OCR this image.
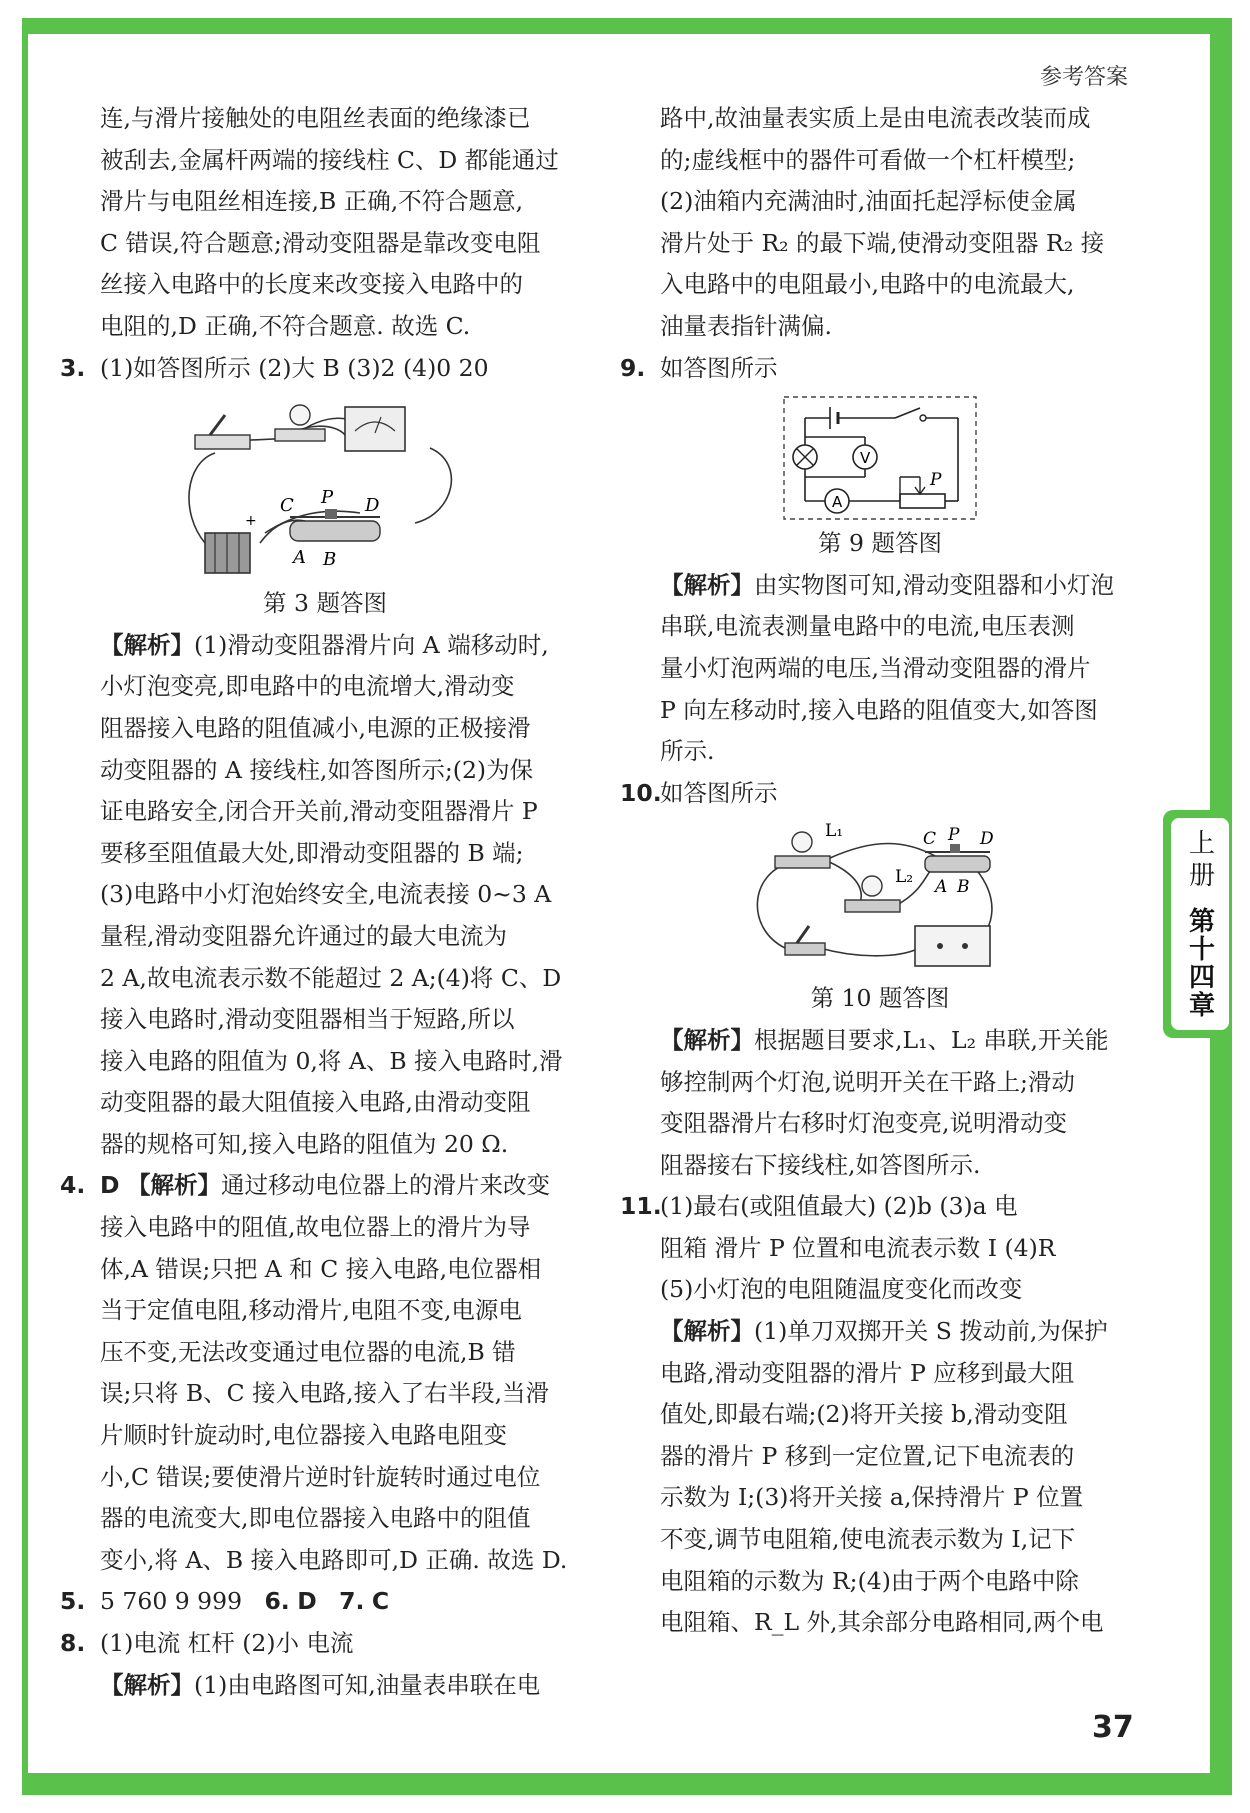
上册
第十四章
参考答案
37
连,与滑片接触处的电阻丝表面的绝缘漆已
被刮去,金属杆两端的接线柱 C、D 都能通过
滑片与电阻丝相连接,B 正确,不符合题意,
C 错误,符合题意;滑动变阻器是靠改变电阻
丝接入电路中的长度来改变接入电路中的
电阻的,D 正确,不符合题意. 故选 C.
3. (1)如答图所示 (2)大 B (3)2 (4)0 20
+
C P D
A B
第 3 题答图
【解析】(1)滑动变阻器滑片向 A 端移动时,
小灯泡变亮,即电路中的电流增大,滑动变
阻器接入电路的阻值减小,电源的正极接滑
动变阻器的 A 接线柱,如答图所示;(2)为保
证电路安全,闭合开关前,滑动变阻器滑片 P
要移至阻值最大处,即滑动变阻器的 B 端;
(3)电路中小灯泡始终安全,电流表接 0~3 A
量程,滑动变阻器允许通过的最大电流为
2 A,故电流表示数不能超过 2 A;(4)将 C、D
接入电路时,滑动变阻器相当于短路,所以
接入电路的阻值为 0,将 A、B 接入电路时,滑
动变阻器的最大阻值接入电路,由滑动变阻
器的规格可知,接入电路的阻值为 20 Ω.
4. D 【解析】通过移动电位器上的滑片来改变
接入电路中的阻值,故电位器上的滑片为导
体,A 错误;只把 A 和 C 接入电路,电位器相
当于定值电阻,移动滑片,电阻不变,电源电
压不变,无法改变通过电位器的电流,B 错
误;只将 B、C 接入电路,接入了右半段,当滑
片顺时针旋动时,电位器接入电路电阻变
小,C 错误;要使滑片逆时针旋转时通过电位
器的电流变大,即电位器接入电路中的阻值
变小,将 A、B 接入电路即可,D 正确. 故选 D.
5. 5 760 9 999 6. D 7. C
8. (1)电流 杠杆 (2)小 电流
【解析】(1)由电路图可知,油量表串联在电
路中,故油量表实质上是由电流表改装而成
的;虚线框中的器件可看做一个杠杆模型;
(2)油箱内充满油时,油面托起浮标使金属
滑片处于 R₂ 的最下端,使滑动变阻器 R₂ 接
入电路中的电阻最小,电路中的电流最大,
油量表指针满偏.
9. 如答图所示
V
A
P
第 9 题答图
【解析】由实物图可知,滑动变阻器和小灯泡
串联,电流表测量电路中的电流,电压表测
量小灯泡两端的电压,当滑动变阻器的滑片
P 向左移动时,接入电路的阻值变大,如答图
所示.
10.如答图所示
L₁
L₂
C P D
A B
第 10 题答图
【解析】根据题目要求,L₁、L₂ 串联,开关能
够控制两个灯泡,说明开关在干路上;滑动
变阻器滑片右移时灯泡变亮,说明滑动变
阻器接右下接线柱,如答图所示.
11.(1)最右(或阻值最大) (2)b (3)a 电
阻箱 滑片 P 位置和电流表示数 I (4)R
(5)小灯泡的电阻随温度变化而改变
【解析】(1)单刀双掷开关 S 拨动前,为保护
电路,滑动变阻器的滑片 P 应移到最大阻
值处,即最右端;(2)将开关接 b,滑动变阻
器的滑片 P 移到一定位置,记下电流表的
示数为 I;(3)将开关接 a,保持滑片 P 位置
不变,调节电阻箱,使电流表示数为 I,记下
电阻箱的示数为 R;(4)由于两个电路中除
电阻箱、R_L 外,其余部分电路相同,两个电
